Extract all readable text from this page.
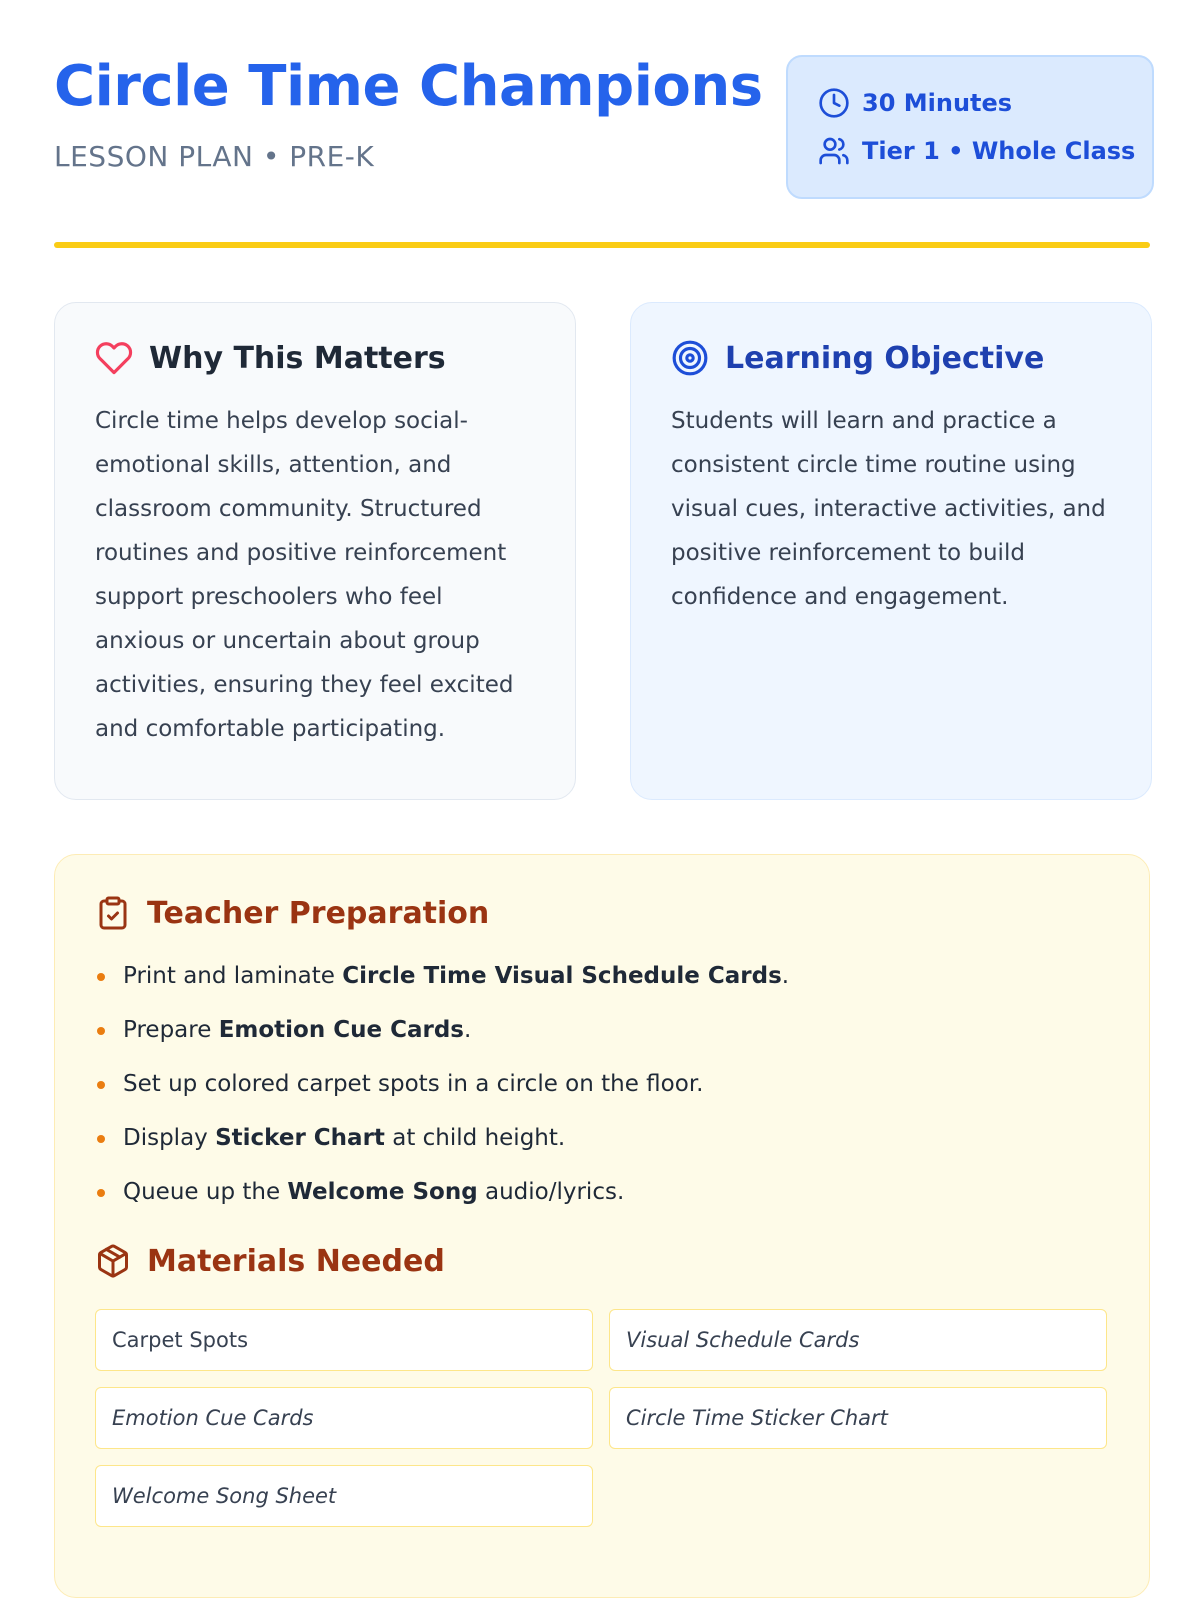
Circle Time Champions
LESSON PLAN • PRE-K
30 Minutes
Tier 1 • Whole Class
Why This Matters

Circle time helps develop social-emotional skills, attention, and classroom community. Structured routines and positive reinforcement support preschoolers who feel anxious or uncertain about group activities, ensuring they feel excited and comfortable participating.

Learning Objective

Students will learn and practice a consistent circle time routine using visual cues, interactive activities, and positive reinforcement to build confidence and engagement.

Teacher Preparation
Print and laminate Circle Time Visual Schedule Cards.
Prepare Emotion Cue Cards.
Set up colored carpet spots in a circle on the floor.
Display Sticker Chart at child height.
Queue up the Welcome Song audio/lyrics.
Materials Needed
Carpet Spots	Visual Schedule Cards
Emotion Cue Cards	Circle Time Sticker Chart
Welcome Song Sheet
